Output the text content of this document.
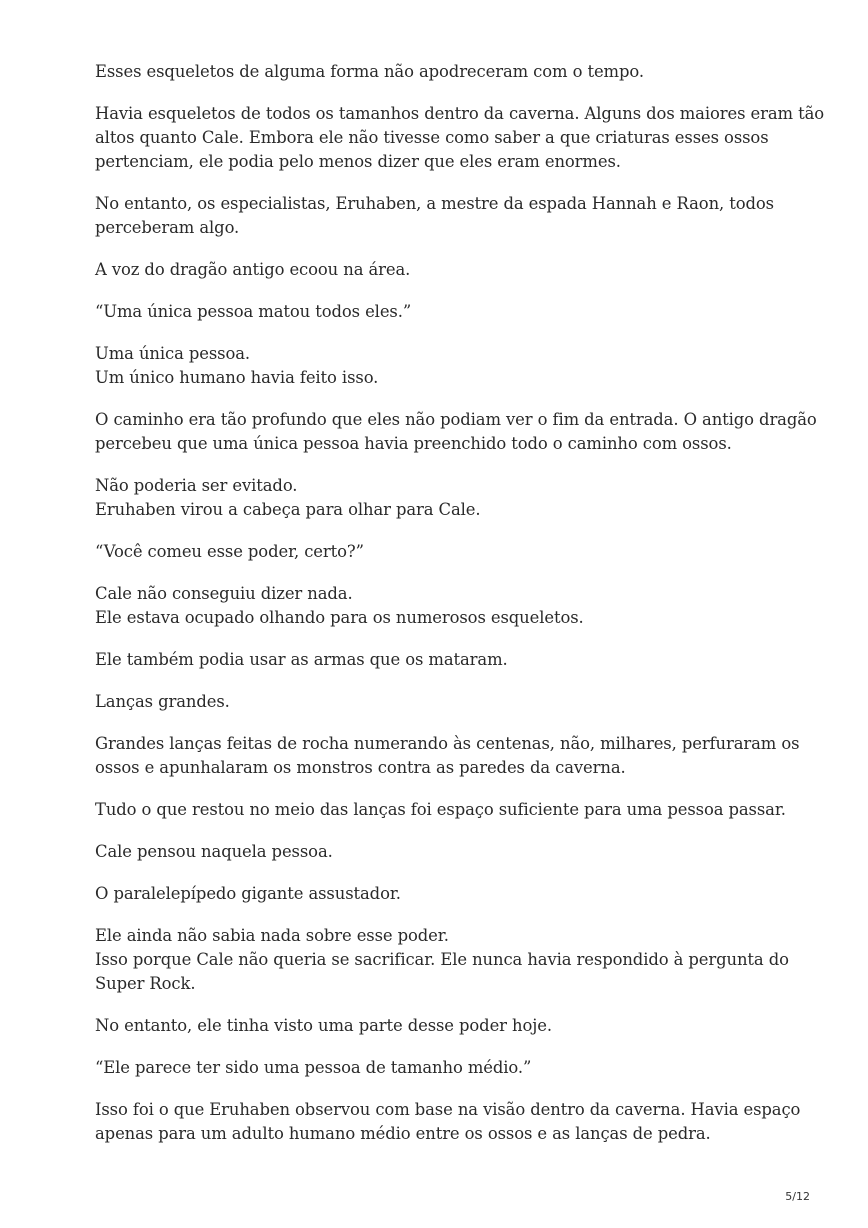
Esses esqueletos de alguma forma não apodreceram com o tempo.

Havia esqueletos de todos os tamanhos dentro da caverna. Alguns dos maiores eram tão
altos quanto Cale. Embora ele não tivesse como saber a que criaturas esses ossos
pertenciam, ele podia pelo menos dizer que eles eram enormes.

No entanto, os especialistas, Eruhaben, a mestre da espada Hannah e Raon, todos
perceberam algo.

A voz do dragão antigo ecoou na área.

“Uma única pessoa matou todos eles.”

Uma única pessoa.
Um único humano havia feito isso.

O caminho era tão profundo que eles não podiam ver o fim da entrada. O antigo dragão
percebeu que uma única pessoa havia preenchido todo o caminho com ossos.

Não poderia ser evitado.
Eruhaben virou a cabeça para olhar para Cale.

“Você comeu esse poder, certo?”

Cale não conseguiu dizer nada.
Ele estava ocupado olhando para os numerosos esqueletos.

Ele também podia usar as armas que os mataram.

Lanças grandes.

Grandes lanças feitas de rocha numerando às centenas, não, milhares, perfuraram os
ossos e apunhalaram os monstros contra as paredes da caverna.

Tudo o que restou no meio das lanças foi espaço suficiente para uma pessoa passar.

Cale pensou naquela pessoa.

O paralelepípedo gigante assustador.

Ele ainda não sabia nada sobre esse poder.
Isso porque Cale não queria se sacrificar. Ele nunca havia respondido à pergunta do
Super Rock.

No entanto, ele tinha visto uma parte desse poder hoje.

“Ele parece ter sido uma pessoa de tamanho médio.”

Isso foi o que Eruhaben observou com base na visão dentro da caverna. Havia espaço
apenas para um adulto humano médio entre os ossos e as lanças de pedra.

5/12
